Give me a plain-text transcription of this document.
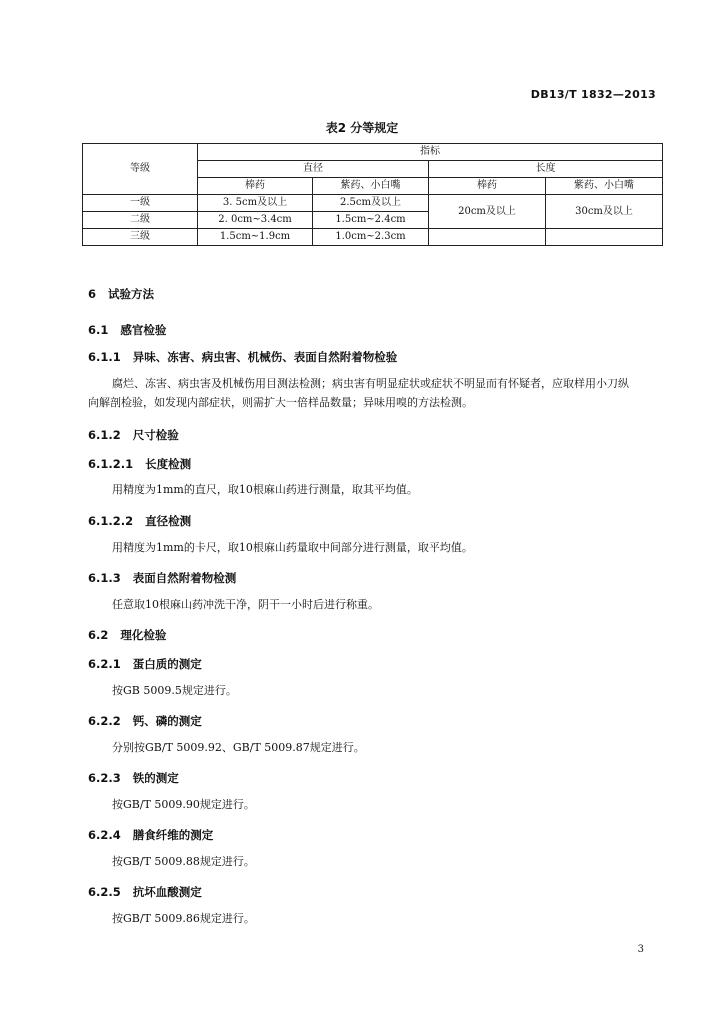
DB13/T 1832—2013
表2 分等规定
等级	指标			
	直径		长度	
	棒药	紫药、小白嘴	棒药	紫药、小白嘴
一级	3. 5cm及以上	2.5cm及以上	20cm及以上	30cm及以上
二级	2. 0cm~3.4cm	1.5cm~2.4cm		
三级	1.5cm~1.9cm	1.0cm~2.3cm		
6 试验方法
6.1 感官检验
6.1.1 异味、冻害、病虫害、机械伤、表面自然附着物检验
腐烂、冻害、病虫害及机械伤用目测法检测；病虫害有明显症状或症状不明显而有怀疑者，应取样用小刀纵向解剖检验，如发现内部症状，则需扩大一倍样品数量；异味用嗅的方法检测。
6.1.2 尺寸检验
6.1.2.1 长度检测
用精度为1mm的直尺，取10根麻山药进行测量，取其平均值。
6.1.2.2 直径检测
用精度为1mm的卡尺，取10根麻山药量取中间部分进行测量，取平均值。
6.1.3 表面自然附着物检测
任意取10根麻山药冲洗干净，阴干一小时后进行称重。
6.2 理化检验
6.2.1 蛋白质的测定
按GB 5009.5规定进行。
6.2.2 钙、磷的测定
分别按GB/T 5009.92、GB/T 5009.87规定进行。
6.2.3 铁的测定
按GB/T 5009.90规定进行。
6.2.4 膳食纤维的测定
按GB/T 5009.88规定进行。
6.2.5 抗坏血酸测定
按GB/T 5009.86规定进行。
3
